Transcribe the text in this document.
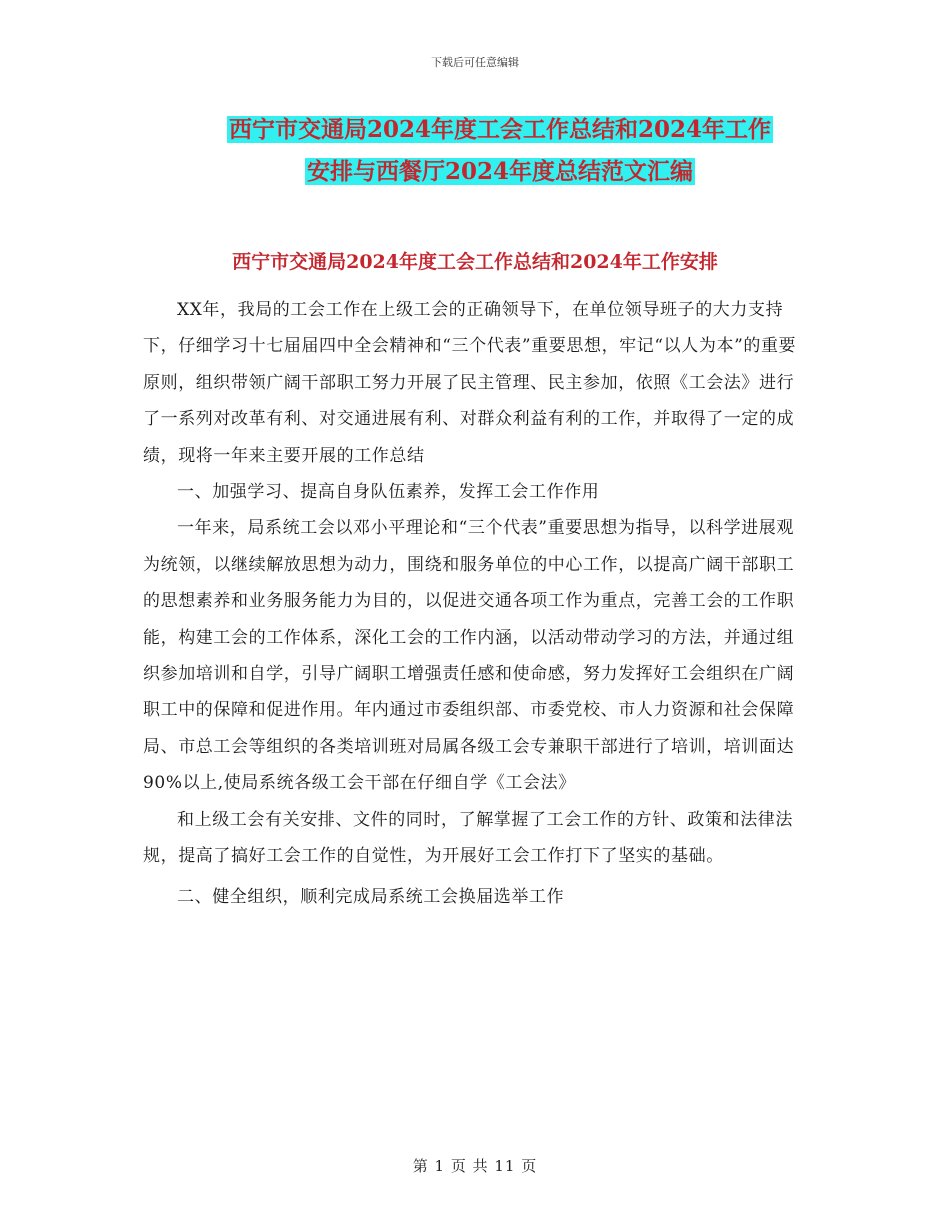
下载后可任意编辑
西宁市交通局2024年度工会工作总结和2024年工作
安排与西餐厅2024年度总结范文汇编
西宁市交通局2024年度工会工作总结和2024年工作安排

XX年，我局的工会工作在上级工会的正确领导下，在单位领导班子的大力支持下，仔细学习十七届届四中全会精神和“三个代表”重要思想，牢记“以人为本”的重要原则，组织带领广阔干部职工努力开展了民主管理、民主参加，依照《工会法》进行了一系列对改革有利、对交通进展有利、对群众利益有利的工作，并取得了一定的成绩，现将一年来主要开展的工作总结

一、加强学习、提高自身队伍素养，发挥工会工作作用

一年来，局系统工会以邓小平理论和“三个代表”重要思想为指导，以科学进展观为统领，以继续解放思想为动力，围绕和服务单位的中心工作，以提高广阔干部职工的思想素养和业务服务能力为目的，以促进交通各项工作为重点，完善工会的工作职能，构建工会的工作体系，深化工会的工作内涵，以活动带动学习的方法，并通过组织参加培训和自学，引导广阔职工增强责任感和使命感，努力发挥好工会组织在广阔职工中的保障和促进作用。年内通过市委组织部、市委党校、市人力资源和社会保障局、市总工会等组织的各类培训班对局属各级工会专兼职干部进行了培训，培训面达90%以上,使局系统各级工会干部在仔细自学《工会法》

和上级工会有关安排、文件的同时，了解掌握了工会工作的方针、政策和法律法规，提高了搞好工会工作的自觉性，为开展好工会工作打下了坚实的基础。

二、健全组织，顺利完成局系统工会换届选举工作

第 1 页 共 11 页
